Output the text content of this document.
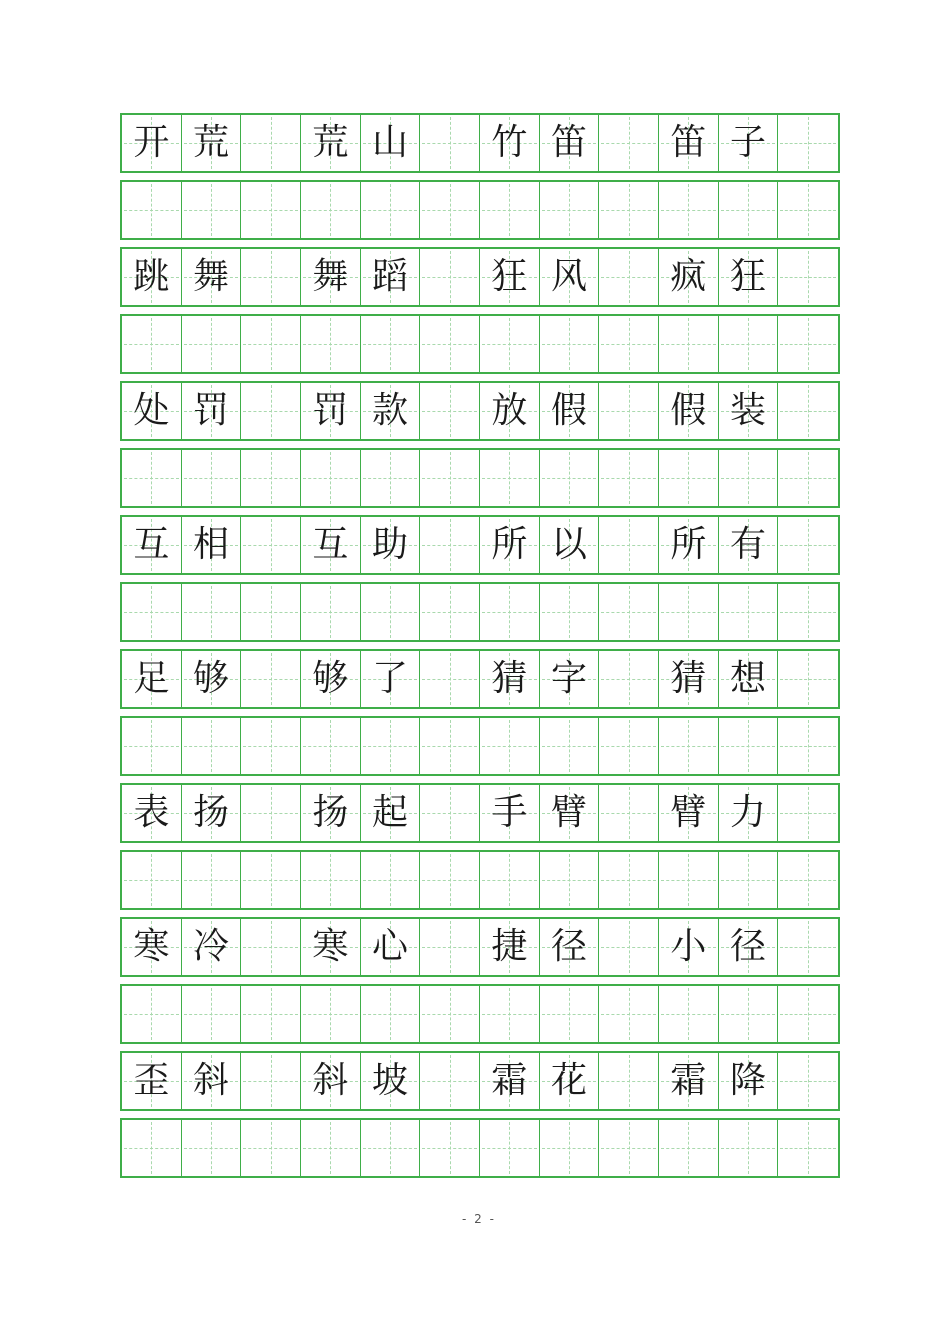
开 荒 荒 山 竹 笛 笛 子
跳 舞 舞 蹈 狂 风 疯 狂
处 罚 罚 款 放 假 假 装
互 相 互 助 所 以 所 有
足 够 够 了 猜 字 猜 想
表 扬 扬 起 手 臂 臂 力
寒 冷 寒 心 捷 径 小 径
歪 斜 斜 坡 霜 花 霜 降
- 2 -
